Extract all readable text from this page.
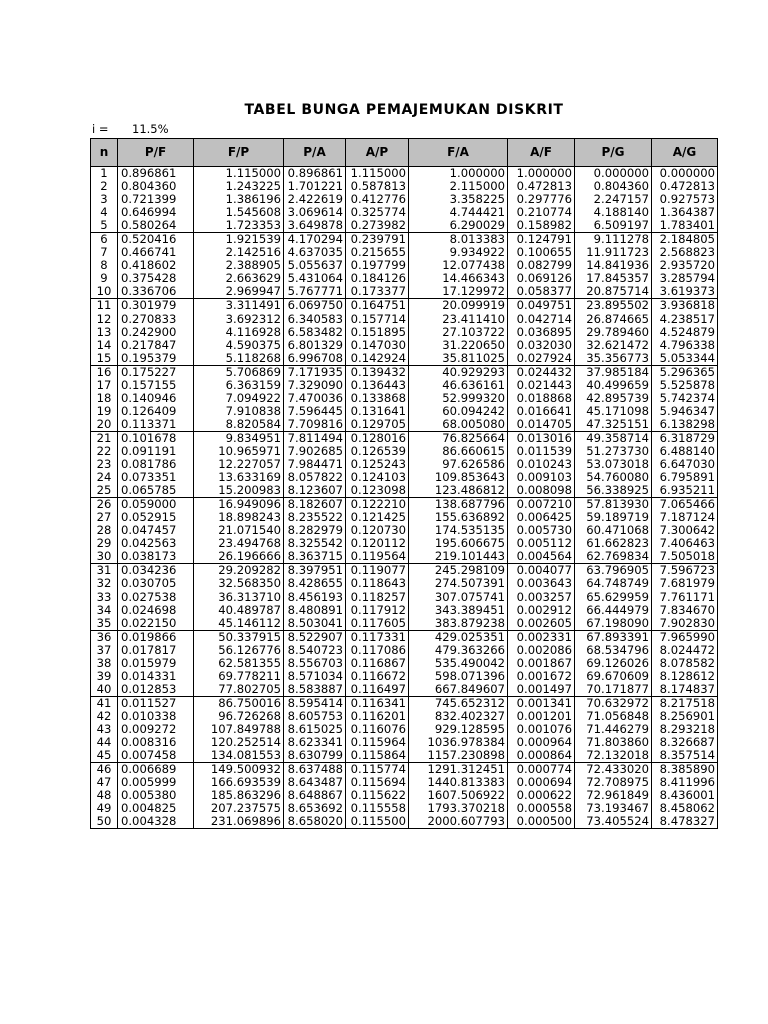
TABEL BUNGA PEMAJEMUKAN DISKRIT
i = 11.5%
n	P/F	F/P	P/A	A/P	F/A	A/F	P/G	A/G
1	0.896861	1.115000	0.896861	1.115000	1.000000	1.000000	0.000000	0.000000
2	0.804360	1.243225	1.701221	0.587813	2.115000	0.472813	0.804360	0.472813
3	0.721399	1.386196	2.422619	0.412776	3.358225	0.297776	2.247157	0.927573
4	0.646994	1.545608	3.069614	0.325774	4.744421	0.210774	4.188140	1.364387
5	0.580264	1.723353	3.649878	0.273982	6.290029	0.158982	6.509197	1.783401
6	0.520416	1.921539	4.170294	0.239791	8.013383	0.124791	9.111278	2.184805
7	0.466741	2.142516	4.637035	0.215655	9.934922	0.100655	11.911723	2.568823
8	0.418602	2.388905	5.055637	0.197799	12.077438	0.082799	14.841936	2.935720
9	0.375428	2.663629	5.431064	0.184126	14.466343	0.069126	17.845357	3.285794
10	0.336706	2.969947	5.767771	0.173377	17.129972	0.058377	20.875714	3.619373
11	0.301979	3.311491	6.069750	0.164751	20.099919	0.049751	23.895502	3.936818
12	0.270833	3.692312	6.340583	0.157714	23.411410	0.042714	26.874665	4.238517
13	0.242900	4.116928	6.583482	0.151895	27.103722	0.036895	29.789460	4.524879
14	0.217847	4.590375	6.801329	0.147030	31.220650	0.032030	32.621472	4.796338
15	0.195379	5.118268	6.996708	0.142924	35.811025	0.027924	35.356773	5.053344
16	0.175227	5.706869	7.171935	0.139432	40.929293	0.024432	37.985184	5.296365
17	0.157155	6.363159	7.329090	0.136443	46.636161	0.021443	40.499659	5.525878
18	0.140946	7.094922	7.470036	0.133868	52.999320	0.018868	42.895739	5.742374
19	0.126409	7.910838	7.596445	0.131641	60.094242	0.016641	45.171098	5.946347
20	0.113371	8.820584	7.709816	0.129705	68.005080	0.014705	47.325151	6.138298
21	0.101678	9.834951	7.811494	0.128016	76.825664	0.013016	49.358714	6.318729
22	0.091191	10.965971	7.902685	0.126539	86.660615	0.011539	51.273730	6.488140
23	0.081786	12.227057	7.984471	0.125243	97.626586	0.010243	53.073018	6.647030
24	0.073351	13.633169	8.057822	0.124103	109.853643	0.009103	54.760080	6.795891
25	0.065785	15.200983	8.123607	0.123098	123.486812	0.008098	56.338925	6.935211
26	0.059000	16.949096	8.182607	0.122210	138.687796	0.007210	57.813930	7.065466
27	0.052915	18.898243	8.235522	0.121425	155.636892	0.006425	59.189719	7.187124
28	0.047457	21.071540	8.282979	0.120730	174.535135	0.005730	60.471068	7.300642
29	0.042563	23.494768	8.325542	0.120112	195.606675	0.005112	61.662823	7.406463
30	0.038173	26.196666	8.363715	0.119564	219.101443	0.004564	62.769834	7.505018
31	0.034236	29.209282	8.397951	0.119077	245.298109	0.004077	63.796905	7.596723
32	0.030705	32.568350	8.428655	0.118643	274.507391	0.003643	64.748749	7.681979
33	0.027538	36.313710	8.456193	0.118257	307.075741	0.003257	65.629959	7.761171
34	0.024698	40.489787	8.480891	0.117912	343.389451	0.002912	66.444979	7.834670
35	0.022150	45.146112	8.503041	0.117605	383.879238	0.002605	67.198090	7.902830
36	0.019866	50.337915	8.522907	0.117331	429.025351	0.002331	67.893391	7.965990
37	0.017817	56.126776	8.540723	0.117086	479.363266	0.002086	68.534796	8.024472
38	0.015979	62.581355	8.556703	0.116867	535.490042	0.001867	69.126026	8.078582
39	0.014331	69.778211	8.571034	0.116672	598.071396	0.001672	69.670609	8.128612
40	0.012853	77.802705	8.583887	0.116497	667.849607	0.001497	70.171877	8.174837
41	0.011527	86.750016	8.595414	0.116341	745.652312	0.001341	70.632972	8.217518
42	0.010338	96.726268	8.605753	0.116201	832.402327	0.001201	71.056848	8.256901
43	0.009272	107.849788	8.615025	0.116076	929.128595	0.001076	71.446279	8.293218
44	0.008316	120.252514	8.623341	0.115964	1036.978384	0.000964	71.803860	8.326687
45	0.007458	134.081553	8.630799	0.115864	1157.230898	0.000864	72.132018	8.357514
46	0.006689	149.500932	8.637488	0.115774	1291.312451	0.000774	72.433020	8.385890
47	0.005999	166.693539	8.643487	0.115694	1440.813383	0.000694	72.708975	8.411996
48	0.005380	185.863296	8.648867	0.115622	1607.506922	0.000622	72.961849	8.436001
49	0.004825	207.237575	8.653692	0.115558	1793.370218	0.000558	73.193467	8.458062
50	0.004328	231.069896	8.658020	0.115500	2000.607793	0.000500	73.405524	8.478327
